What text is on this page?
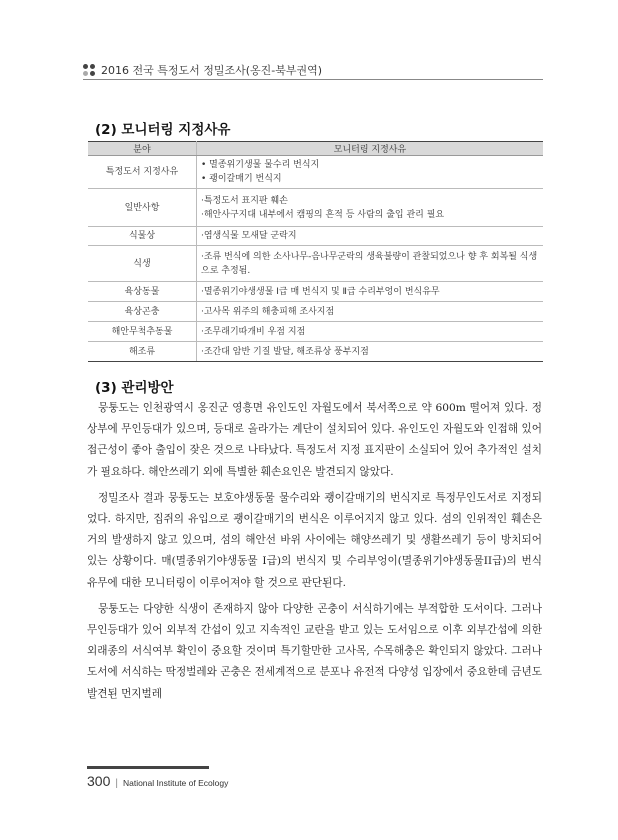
2016 전국 특정도서 정밀조사(옹진-북부권역)
(2) 모니터링 지정사유
분야	모니터링 지정사유
특정도서 지정사유	• 멸종위기생물 물수리 번식지
• 괭이갈매기 번식지

일반사항	·특정도서 표지판 훼손
·해안사구지대 내부에서 캠핑의 흔적 등 사람의 출입 관리 필요

식물상	·염생식물 모새달 군락지

식생	·조류 번식에 의한 소사나무-음나무군락의 생육불량이 관찰되었으나 향 후 회복될 식생으로 추정됨.

육상동물	·멸종위기야생생물 Ⅰ급 매 번식지 및 Ⅱ급 수리부엉이 번식유무

육상곤충	·고사목 위주의 해충피해 조사지점

해안무척추동물	·조무래기따개비 우점 지점

해조류	·조간대 암반 기질 발달, 해조류상 풍부지점
(3) 관리방안

뭉퉁도는 인천광역시 옹진군 영흥면 유인도인 자월도에서 북서쪽으로 약 600m 떨어져 있다. 정상부에 무인등대가 있으며, 등대로 올라가는 계단이 설치되어 있다. 유인도인 자월도와 인접해 있어 접근성이 좋아 출입이 잦은 것으로 나타났다. 특정도서 지정 표지판이 소실되어 있어 추가적인 설치가 필요하다. 해안쓰레기 외에 특별한 훼손요인은 발견되지 않았다.

정밀조사 결과 뭉퉁도는 보호야생동물 물수리와 괭이갈매기의 번식지로 특정무인도서로 지정되었다. 하지만, 집쥐의 유입으로 괭이갈매기의 번식은 이루어지지 않고 있다. 섬의 인위적인 훼손은 거의 발생하지 않고 있으며, 섬의 해안선 바위 사이에는 해양쓰레기 및 생활쓰레기 등이 방치되어 있는 상황이다. 매(멸종위기야생동물 I급)의 번식지 및 수리부엉이(멸종위기야생동물II급)의 번식유무에 대한 모니터링이 이루어져야 할 것으로 판단된다.

뭉퉁도는 다양한 식생이 존재하지 않아 다양한 곤충이 서식하기에는 부적합한 도서이다. 그러나 무인등대가 있어 외부적 간섭이 있고 지속적인 교란을 받고 있는 도서임으로 이후 외부간섭에 의한 외래종의 서식여부 확인이 중요할 것이며 특기할만한 고사목, 수목해충은 확인되지 않았다. 그러나 도서에 서식하는 딱정벌레와 곤충은 전세계적으로 분포나 유전적 다양성 입장에서 중요한데 금년도 발견된 먼지벌레

300 | National Institute of Ecology
